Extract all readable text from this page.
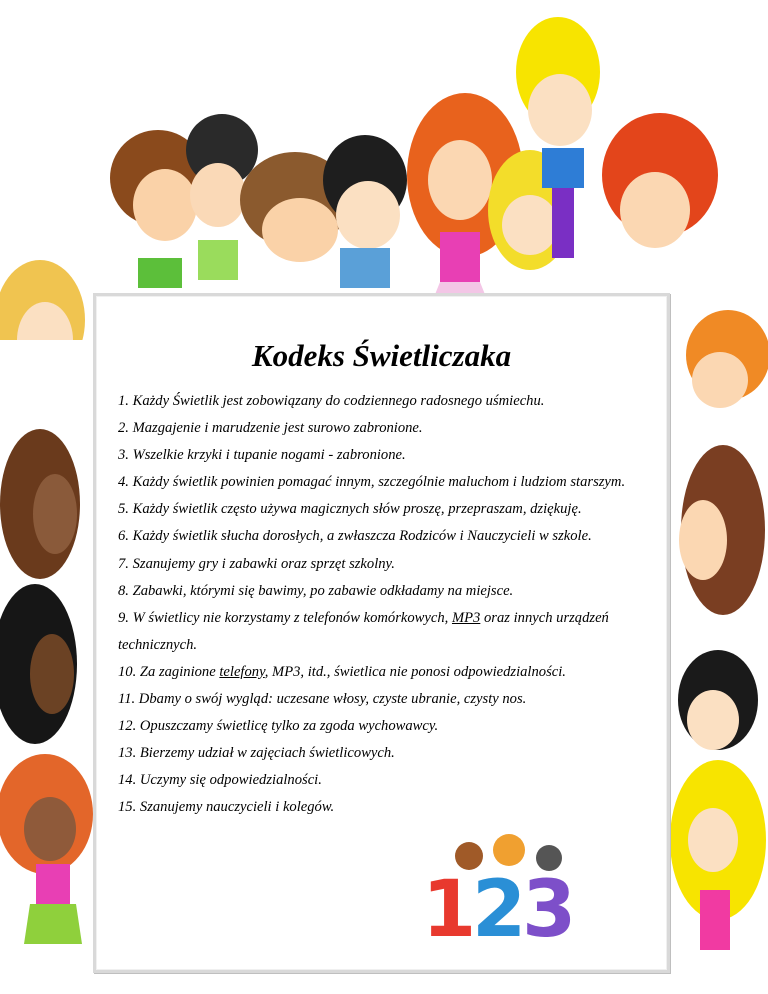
Kodeks Świetliczaka
1. Każdy Świetlik jest zobowiązany do codziennego radosnego uśmiechu.
2. Mazgajenie i marudzenie jest surowo zabronione.
3. Wszelkie krzyki i tupanie nogami - zabronione.
4. Każdy świetlik powinien pomagać innym, szczególnie maluchom i ludziom starszym.
5. Każdy świetlik często używa magicznych słów proszę, przepraszam, dziękuję.
6. Każdy świetlik słucha dorosłych, a zwłaszcza Rodziców i Nauczycieli w szkole.
7. Szanujemy gry i zabawki oraz sprzęt szkolny.
8. Zabawki, którymi się bawimy, po zabawie odkładamy na miejsce.
9. W świetlicy nie korzystamy z telefonów komórkowych, MP3 oraz innych urządzeń technicznych.
10. Za zaginione telefony, MP3, itd., świetlica nie ponosi odpowiedzialności.
11. Dbamy o swój wygląd: uczesane włosy, czyste ubranie, czysty nos.
12. Opuszczamy świetlicę tylko za zgoda wychowawcy.
13. Bierzemy udział w zajęciach świetlicowych.
14. Uczymy się odpowiedzialności.
15. Szanujemy nauczycieli i kolegów.
1
2
3
